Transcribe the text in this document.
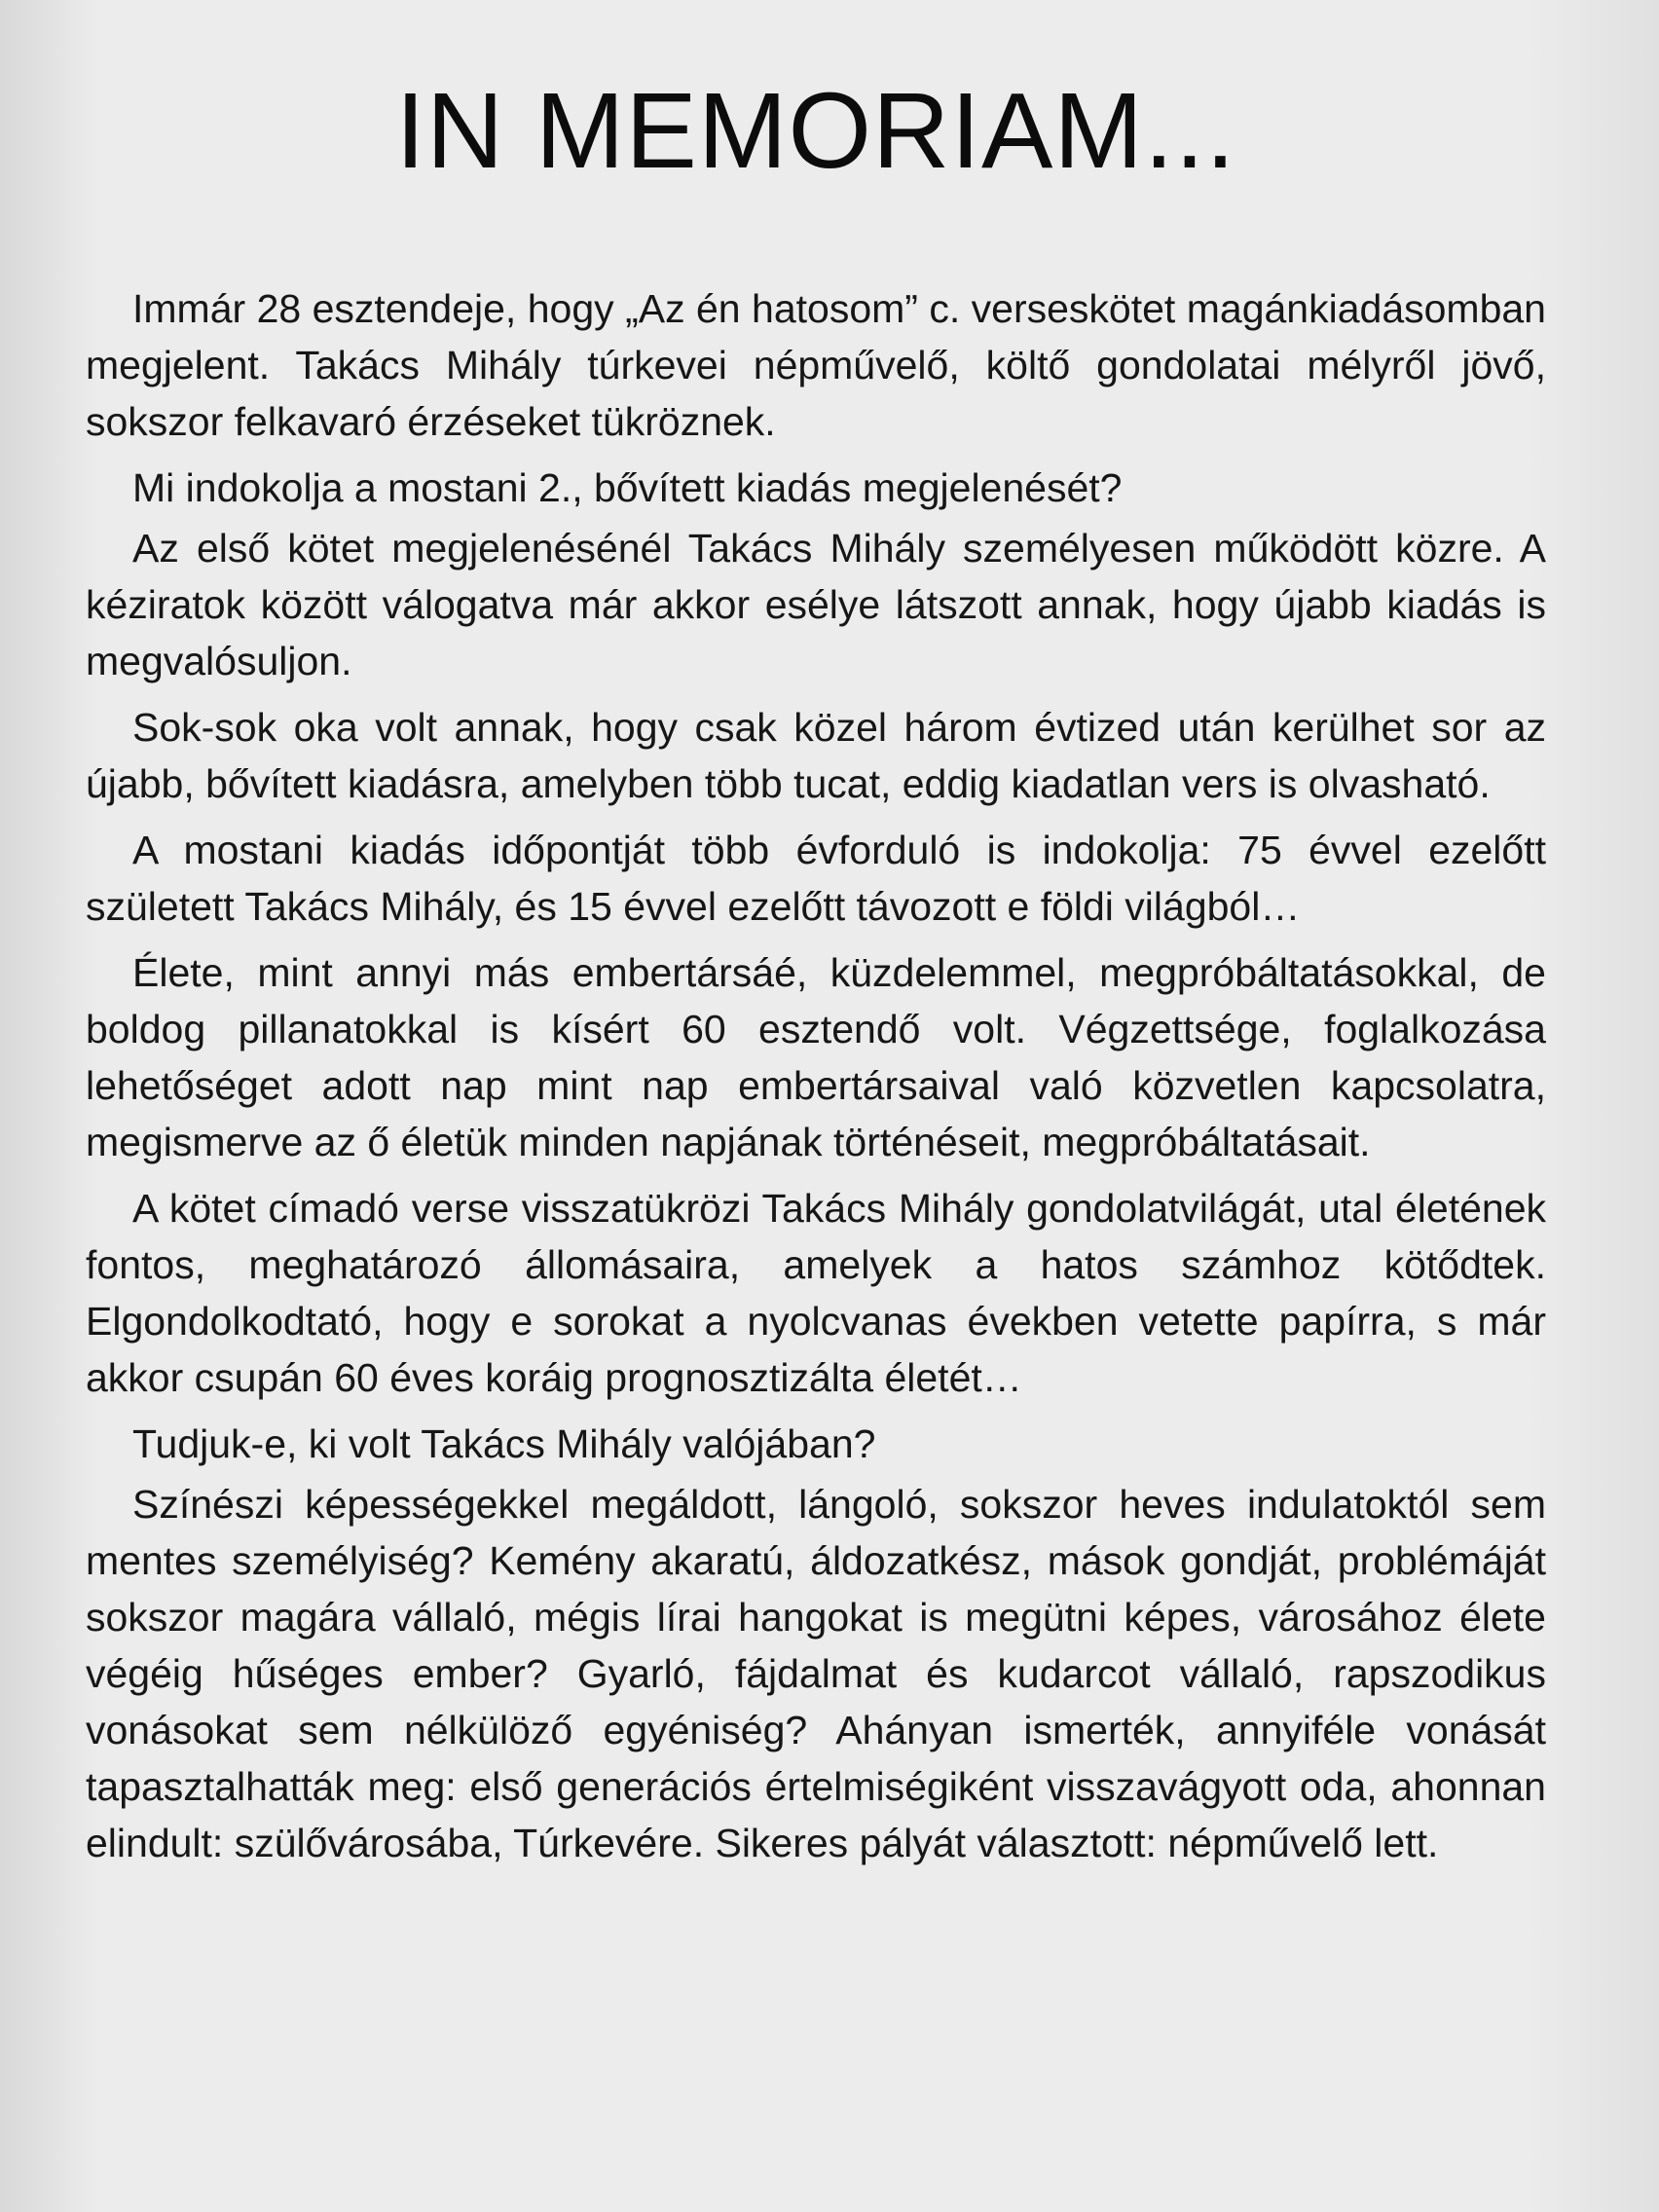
IN MEMORIAM...

Immár 28 esztendeje, hogy „Az én hatosom” c. verseskötet magánkiadásomban megjelent. Takács Mihály túrkevei népművelő, költő gondolatai mélyről jövő, sokszor felkavaró érzéseket tükröznek.

Mi indokolja a mostani 2., bővített kiadás megjelenését?

Az első kötet megjelenésénél Takács Mihály személyesen működött közre. A kéziratok között válogatva már akkor esélye látszott annak, hogy újabb kiadás is megvalósuljon.

Sok-sok oka volt annak, hogy csak közel három évtized után kerülhet sor az újabb, bővített kiadásra, amelyben több tucat, eddig kiadatlan vers is olvasható.

A mostani kiadás időpontját több évforduló is indokolja: 75 évvel ezelőtt született Takács Mihály, és 15 évvel ezelőtt távozott e földi világból…

Élete, mint annyi más embertársáé, küzdelemmel, megpróbáltatásokkal, de boldog pillanatokkal is kísért 60 esztendő volt. Végzettsége, foglalkozása lehetőséget adott nap mint nap embertársaival való közvetlen kapcsolatra, megismerve az ő életük minden napjának történéseit, megpróbáltatásait.

A kötet címadó verse visszatükrözi Takács Mihály gondolatvilágát, utal életének fontos, meghatározó állomásaira, amelyek a hatos számhoz kötődtek. Elgondolkodtató, hogy e sorokat a nyolcvanas években vetette papírra, s már akkor csupán 60 éves koráig prognosztizálta életét…

Tudjuk-e, ki volt Takács Mihály valójában?

Színészi képességekkel megáldott, lángoló, sokszor heves indulatoktól sem mentes személyiség? Kemény akaratú, áldozatkész, mások gondját, problémáját sokszor magára vállaló, mégis lírai hangokat is megütni képes, városához élete végéig hűséges ember? Gyarló, fájdalmat és kudarcot vállaló, rapszodikus vonásokat sem nélkülöző egyéniség? Ahányan ismerték, annyiféle vonását tapasztalhatták meg: első generációs értelmiségiként visszavágyott oda, ahonnan elindult: szülővárosába, Túrkevére. Sikeres pályát választott: népművelő lett.
